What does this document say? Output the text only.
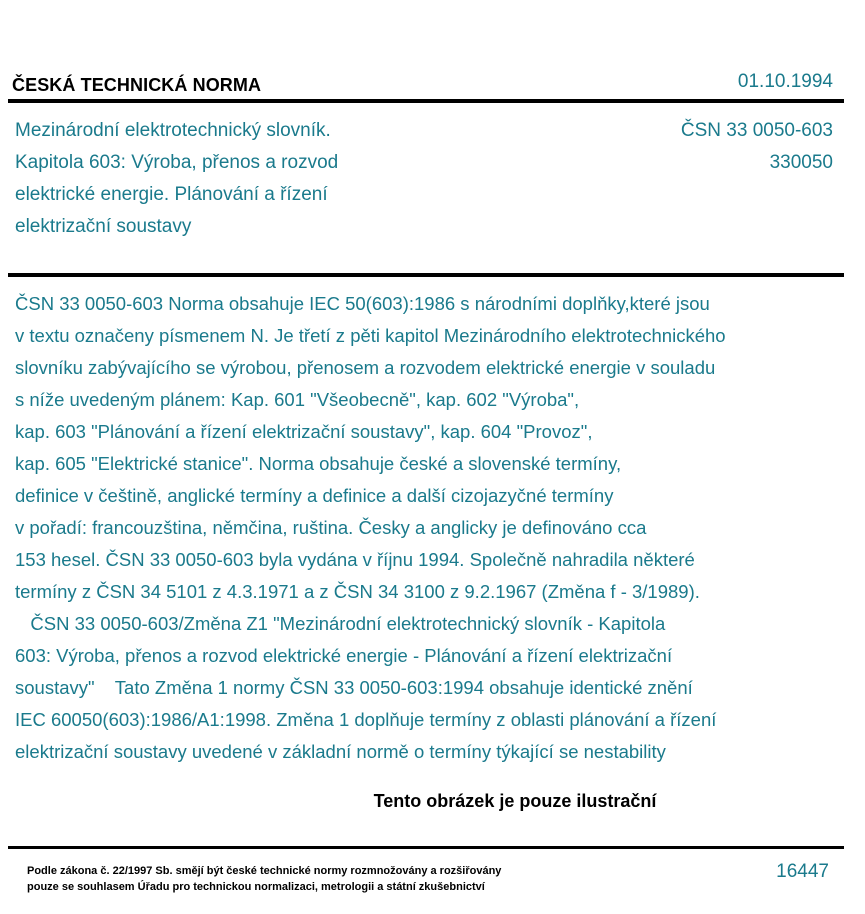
ČESKÁ TECHNICKÁ NORMA	01.10.1994
Mezinárodní elektrotechnický slovník.
Kapitola 603: Výroba, přenos a rozvod
elektrické energie. Plánování a řízení
elektrizační soustavy
ČSN 33 0050-603
330050
ČSN 33 0050-603 Norma obsahuje IEC 50(603):1986 s národními doplňky,které jsou
v textu označeny písmenem N. Je třetí z pěti kapitol Mezinárodního elektrotechnického
slovníku zabývajícího se výrobou, přenosem a rozvodem elektrické energie v souladu
s níže uvedeným plánem: Kap. 601 "Všeobecně", kap. 602 "Výroba",
kap. 603 "Plánování a řízení elektrizační soustavy", kap. 604 "Provoz",
kap. 605 "Elektrické stanice". Norma obsahuje české a slovenské termíny,
definice v češtině, anglické termíny a definice a další cizojazyčné termíny
v pořadí: francouzština, němčina, ruština. Česky a anglicky je definováno cca
153 hesel. ČSN 33 0050-603 byla vydána v říjnu 1994. Společně nahradila některé
termíny z ČSN 34 5101 z 4.3.1971 a z ČSN 34 3100 z 9.2.1967 (Změna f - 3/1989).
ČSN 33 0050-603/Změna Z1 "Mezinárodní elektrotechnický slovník - Kapitola
603: Výroba, přenos a rozvod elektrické energie - Plánování a řízení elektrizační
soustavy"    Tato Změna 1 normy ČSN 33 0050-603:1994 obsahuje identické znění
IEC 60050(603):1986/A1:1998. Změna 1 doplňuje termíny z oblasti plánování a řízení
elektrizační soustavy uvedené v základní normě o termíny týkající se nestability
Tento obrázek je pouze ilustrační
Podle zákona č. 22/1997 Sb. smějí být české technické normy rozmnožovány a rozšiřovány
pouze se souhlasem Úřadu pro technickou normalizaci, metrologii a státní zkušebnictví
16447
